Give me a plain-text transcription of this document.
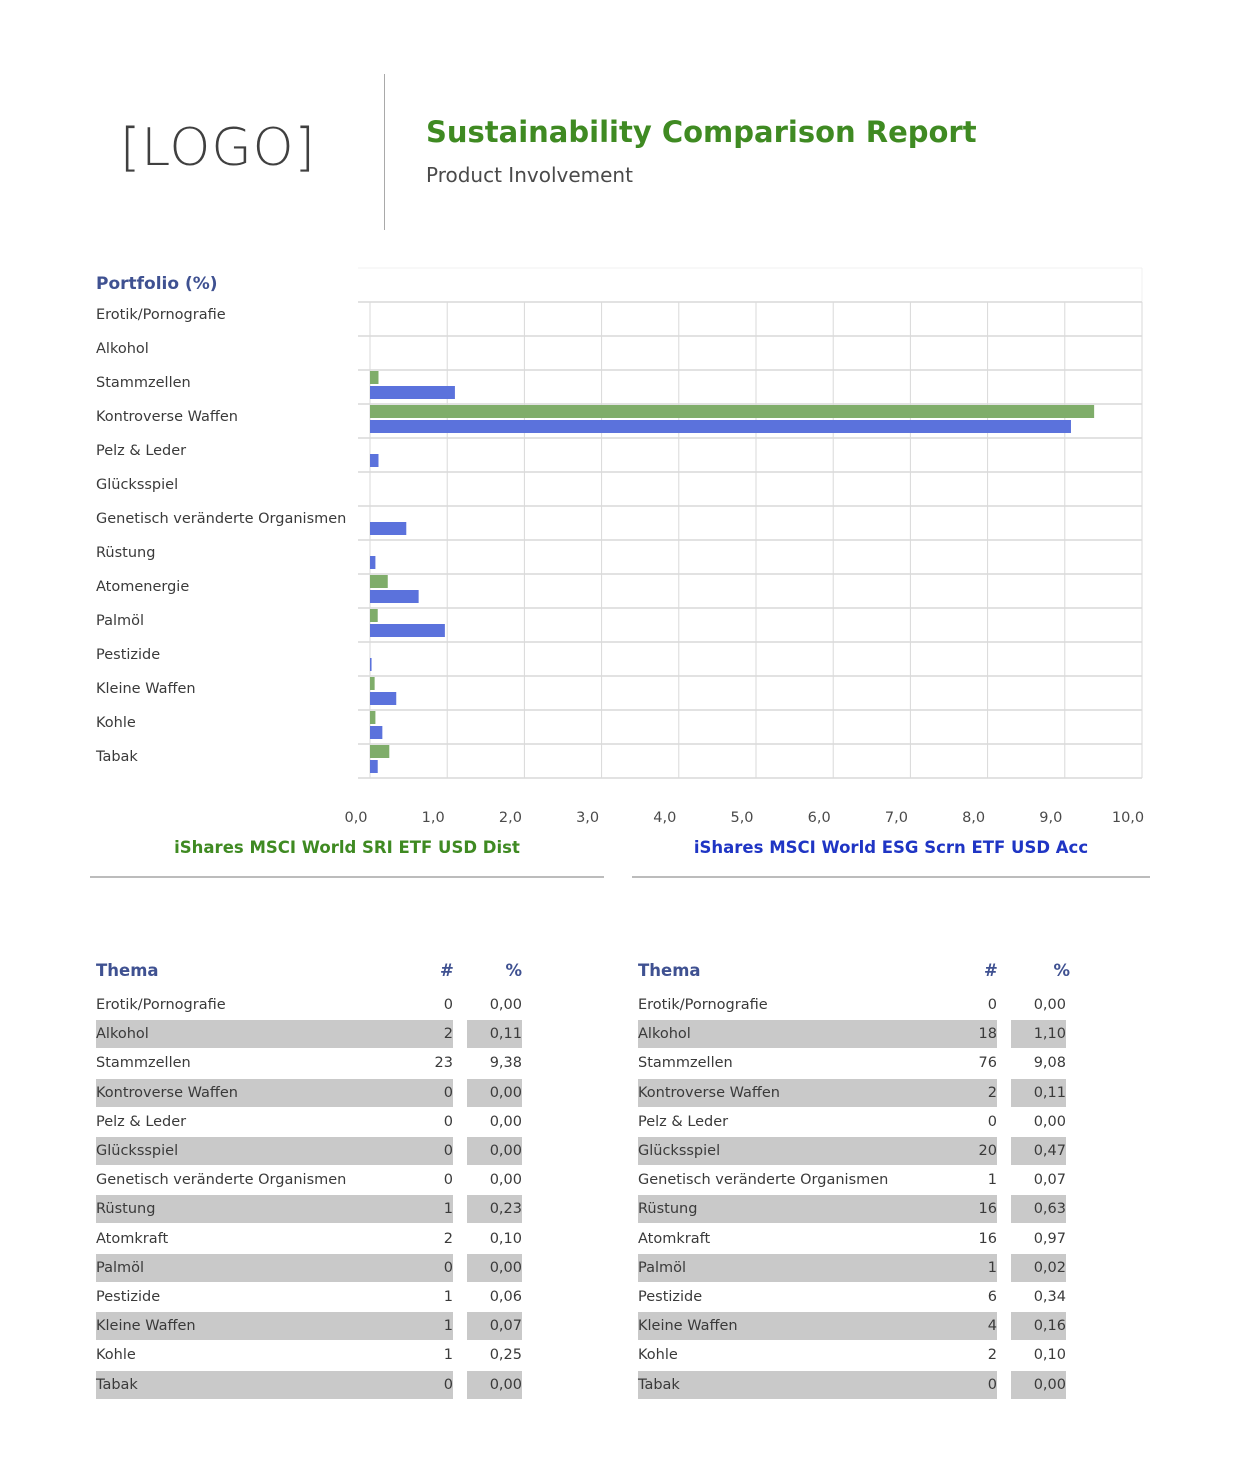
[LOGO]	Sustainability Comparison Report
Product Involvement
Portfolio (%)
Erotik/Pornografie
Alkohol
Stammzellen
Kontroverse Waffen
Pelz & Leder
Glücksspiel
Genetisch veränderte Organismen
Rüstung
Atomenergie
Palmöl
Pestizide
Kleine Waffen
Kohle
Tabak
0,0	1,0	2,0	3,0	4,0	5,0	6,0	7,0	8,0	9,0	10,0
iShares MSCI World SRI ETF USD Dist	iShares MSCI World ESG Scrn ETF USD Acc
Thema	#	%
Erotik/Pornografie	0	0,00
Alkohol	2	0,11
Stammzellen	23	9,38
Kontroverse Waffen	0	0,00
Pelz & Leder	0	0,00
Glücksspiel	0	0,00
Genetisch veränderte Organismen	0	0,00
Rüstung	1	0,23
Atomkraft	2	0,10
Palmöl	0	0,00
Pestizide	1	0,06
Kleine Waffen	1	0,07
Kohle	1	0,25
Tabak	0	0,00
Thema	#	%
Erotik/Pornografie	0	0,00
Alkohol	18	1,10
Stammzellen	76	9,08
Kontroverse Waffen	2	0,11
Pelz & Leder	0	0,00
Glücksspiel	20	0,47
Genetisch veränderte Organismen	1	0,07
Rüstung	16	0,63
Atomkraft	16	0,97
Palmöl	1	0,02
Pestizide	6	0,34
Kleine Waffen	4	0,16
Kohle	2	0,10
Tabak	0	0,00
